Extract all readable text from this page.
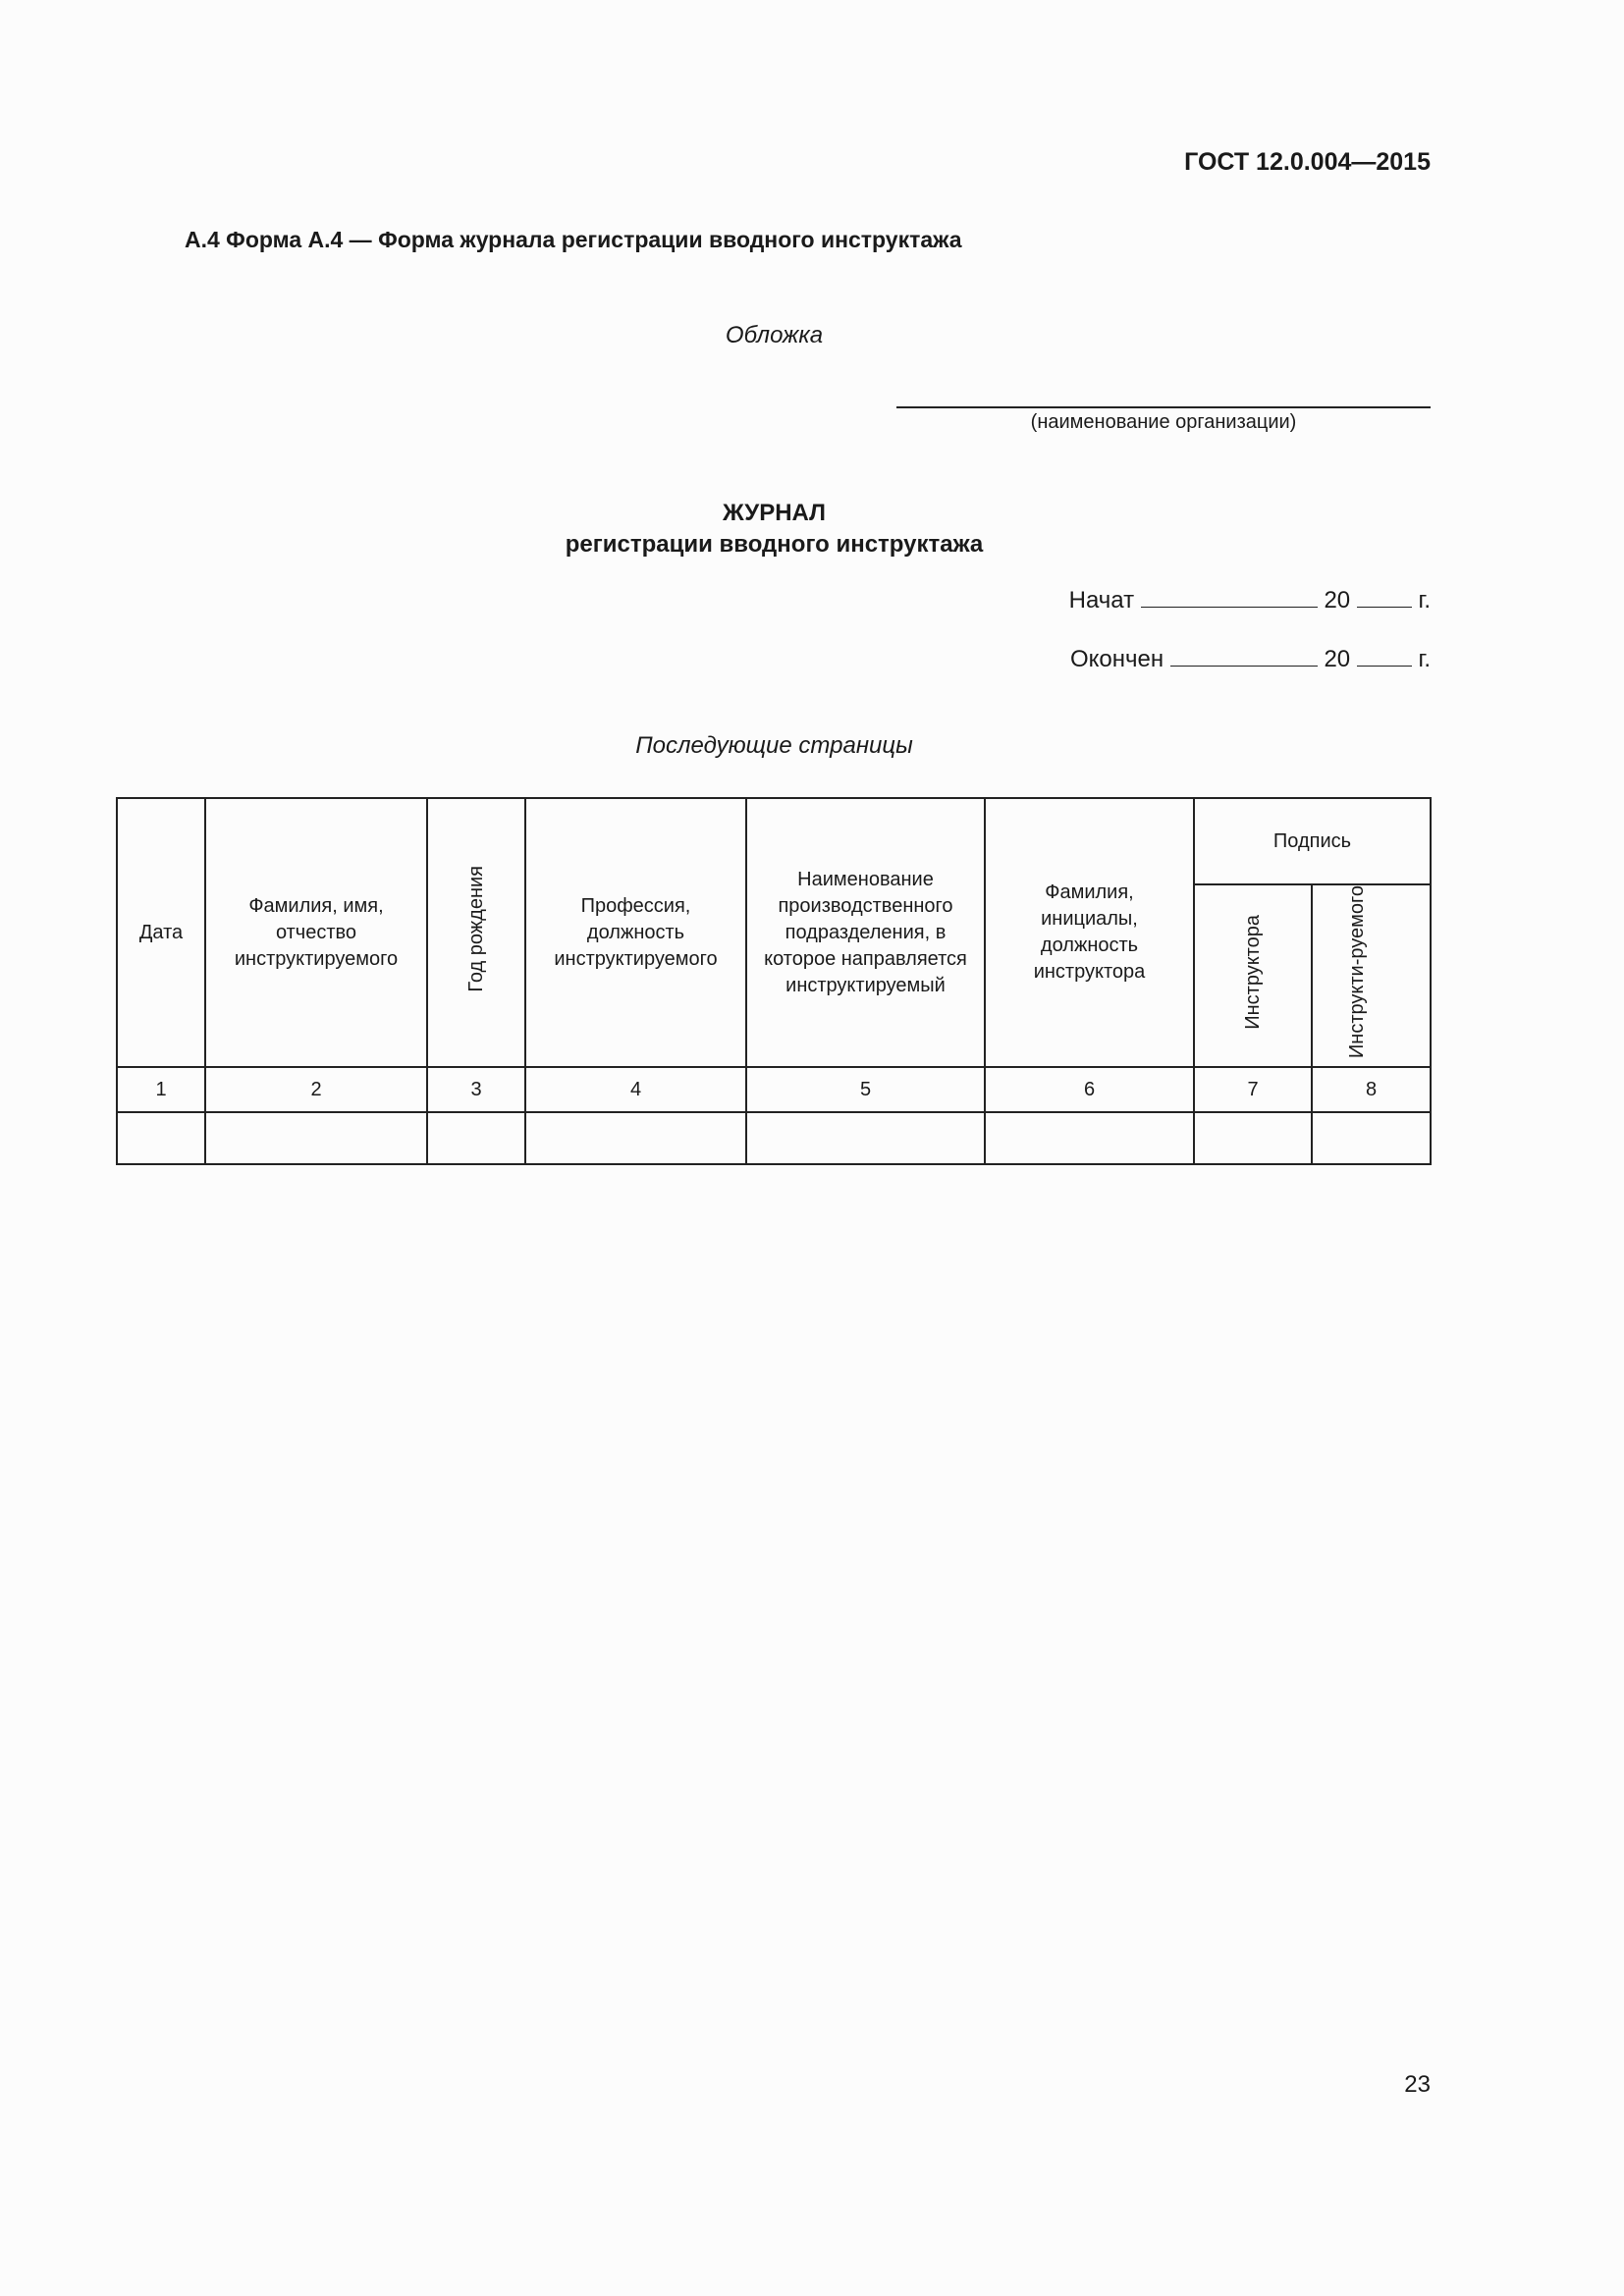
ГОСТ 12.0.004—2015
А.4 Форма А.4 — Форма журнала регистрации вводного инструктажа
Обложка
(наименование организации)
ЖУРНАЛ
регистрации вводного инструктажа
Начат	20	г.
Окончен	20	г.
Последующие страницы
Дата	Фамилия, имя, отчество инструктируемого	Год рождения	Профессия, должность инструктируемого	Наименование производственного подразделения, в которое направляется инструктируемый	Фамилия, инициалы, должность инструктора	Подпись	
						Инструктора	Инструкти-руемого
1	2	3	4	5	6	7	8

23
